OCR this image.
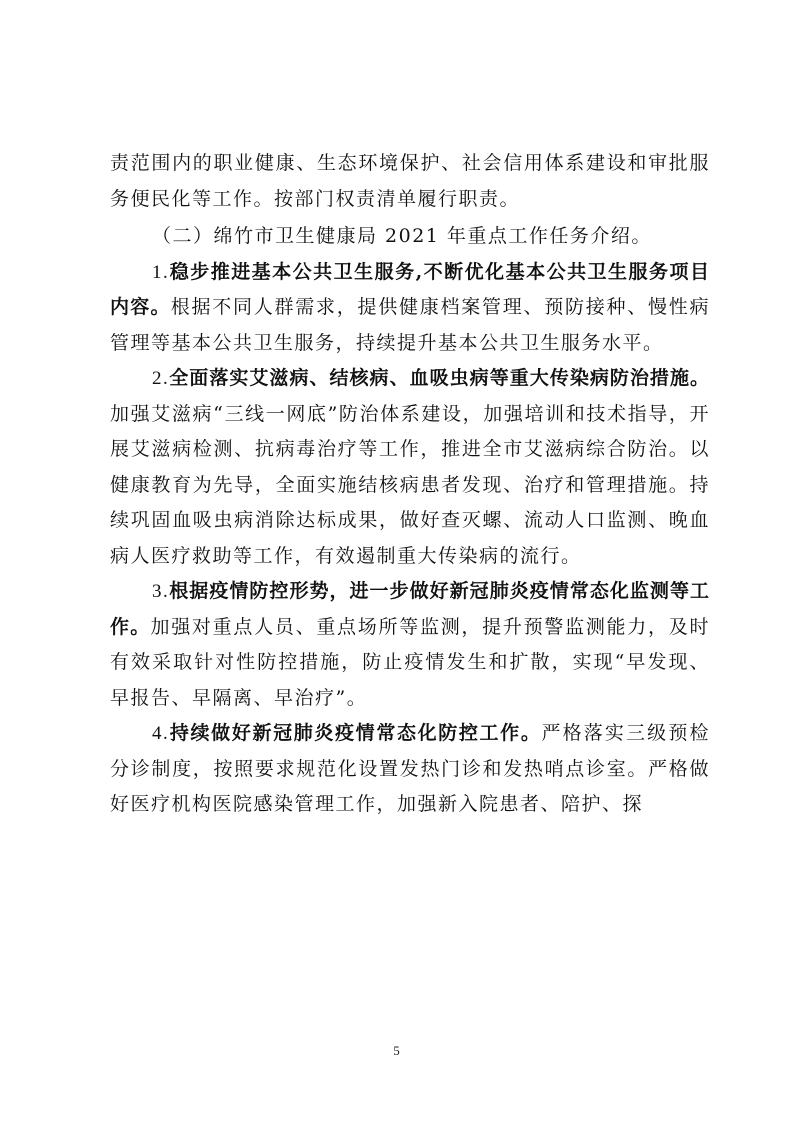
责范围内的职业健康、生态环境保护、社会信用体系建设和审批服务便民化等工作。按部门权责清单履行职责。

（二）绵竹市卫生健康局 2021 年重点工作任务介绍。

1.稳步推进基本公共卫生服务,不断优化基本公共卫生服务项目内容。根据不同人群需求，提供健康档案管理、预防接种、慢性病管理等基本公共卫生服务，持续提升基本公共卫生服务水平。

2.全面落实艾滋病、结核病、血吸虫病等重大传染病防治措施。加强艾滋病“三线一网底”防治体系建设，加强培训和技术指导，开展艾滋病检测、抗病毒治疗等工作，推进全市艾滋病综合防治。以健康教育为先导，全面实施结核病患者发现、治疗和管理措施。持续巩固血吸虫病消除达标成果，做好查灭螺、流动人口监测、晚血病人医疗救助等工作，有效遏制重大传染病的流行。

3.根据疫情防控形势，进一步做好新冠肺炎疫情常态化监测等工作。加强对重点人员、重点场所等监测，提升预警监测能力，及时有效采取针对性防控措施，防止疫情发生和扩散，实现“早发现、早报告、早隔离、早治疗”。

4.持续做好新冠肺炎疫情常态化防控工作。严格落实三级预检分诊制度，按照要求规范化设置发热门诊和发热哨点诊室。严格做好医疗机构医院感染管理工作，加强新入院患者、陪护、探

5
